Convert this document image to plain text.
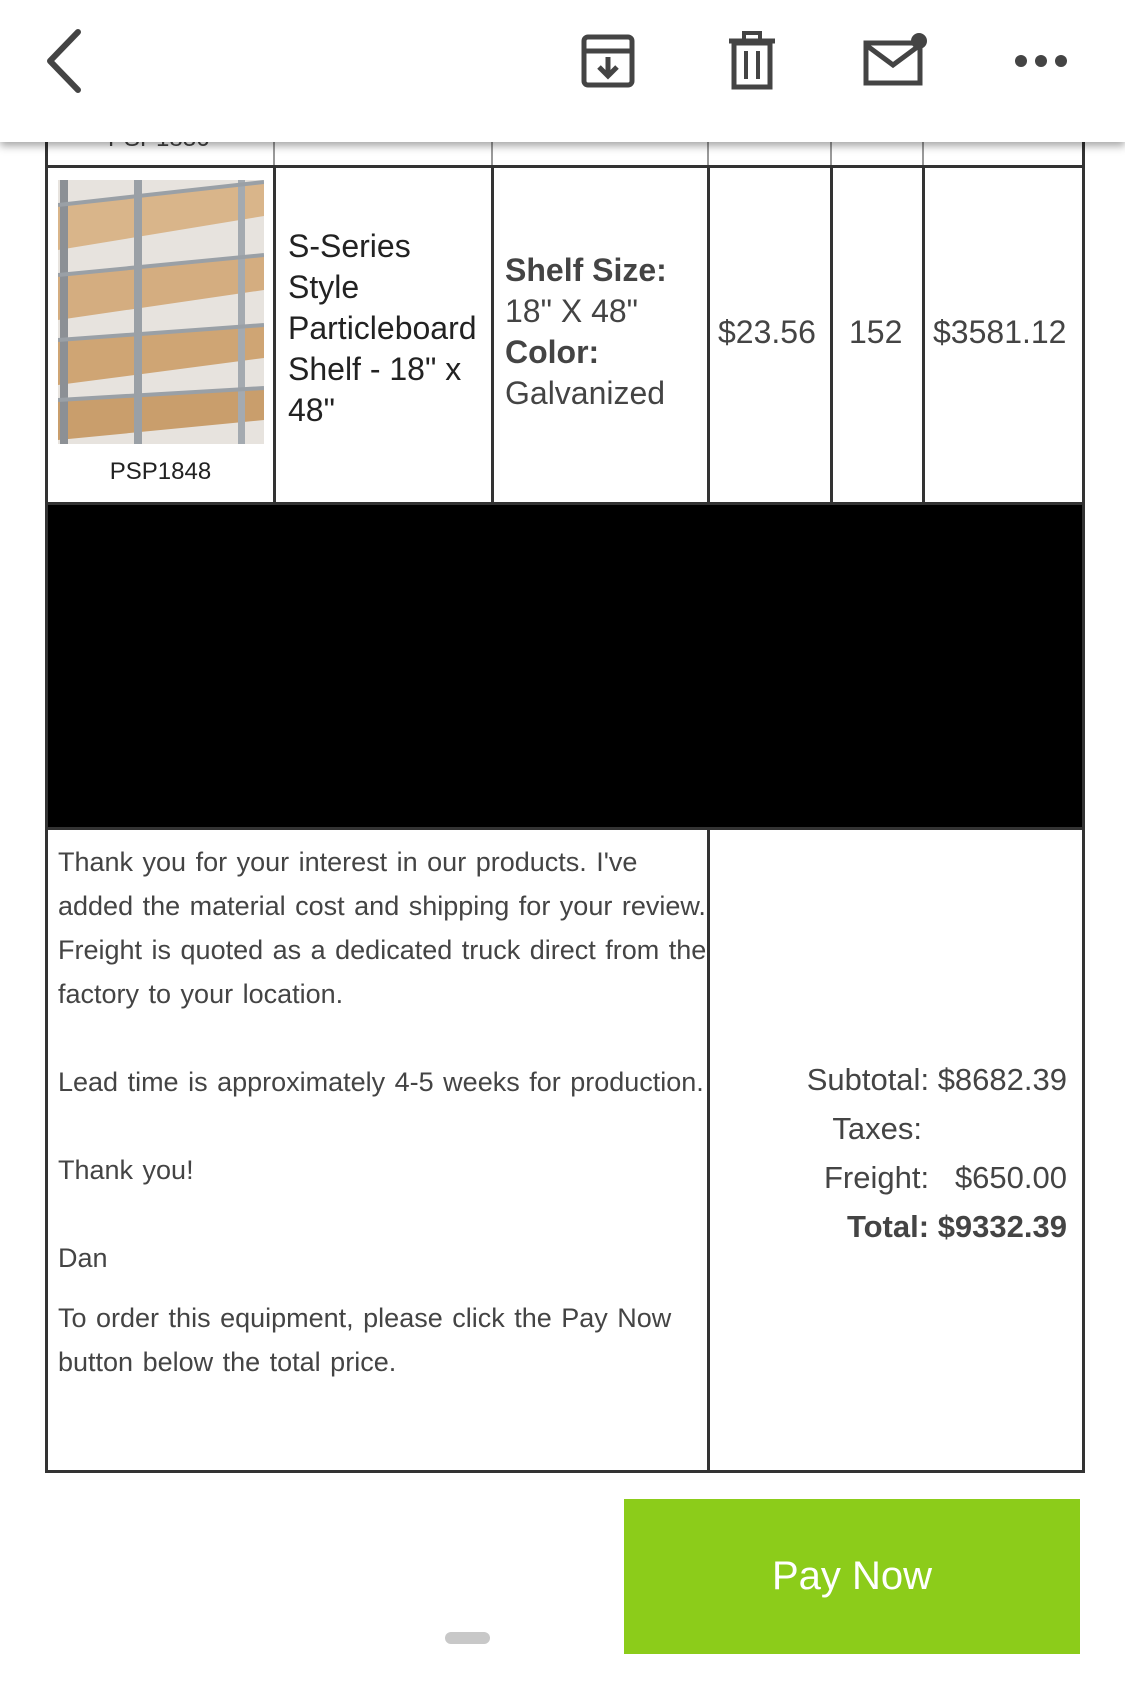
PSP1848
S-Series
Style
Particleboard
Shelf - 18" x
48"
Shelf Size:
18" X 48"
Color:
Galvanized
$23.56 152 $3581.12

Thank you for your interest in our products. I've added the material cost and shipping for your review. Freight is quoted as a dedicated truck direct from the factory to your location.

Lead time is approximately 4-5 weeks for production.

Thank you!

Dan

To order this equipment, please click the Pay Now button below the total price.

Subtotal: $8682.39
Taxes:
Freight: $650.00
Total: $9332.39
Pay Now
